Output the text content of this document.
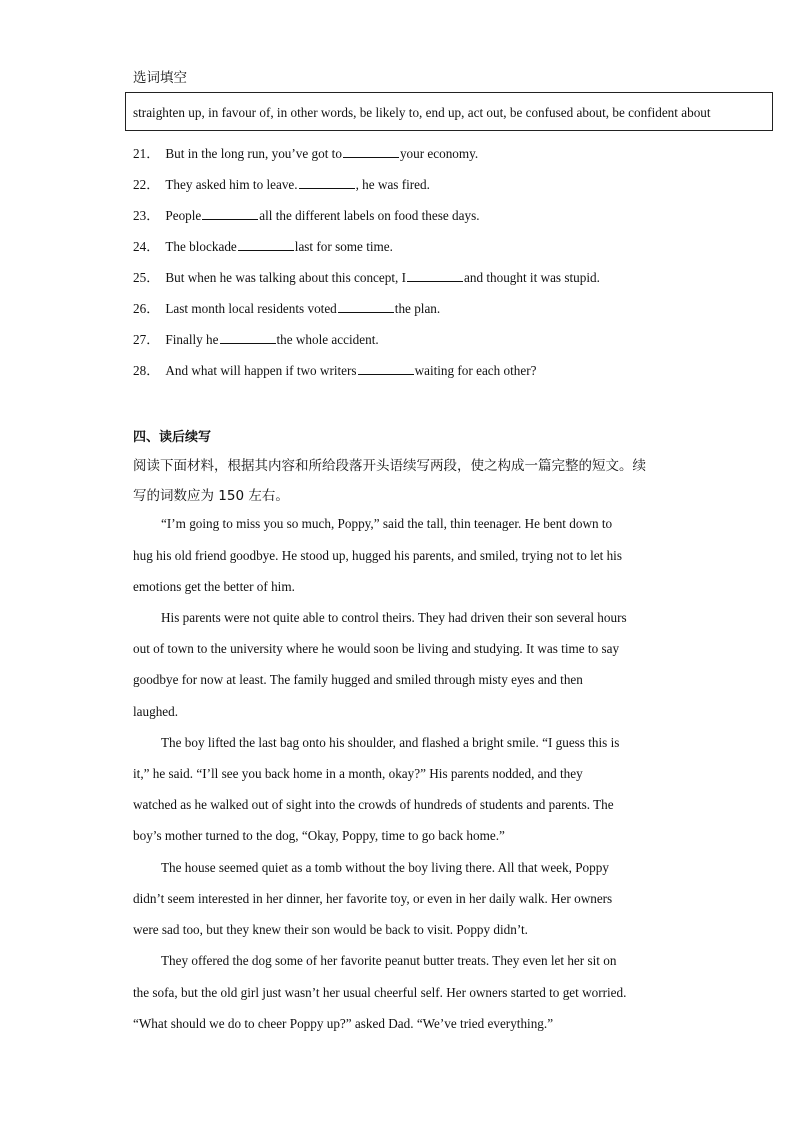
选词填空
straighten up, in favour of, in other words, be likely to, end up, act out, be confused about, be confident about
21． But in the long run, you’ve got to	your economy.
22． They asked him to leave.	, he was fired.
23． People	all the different labels on food these days.
24． The blockade	last for some time.
25． But when he was talking about this concept, I	and thought it was stupid.
26． Last month local residents voted	the plan.
27． Finally he	the whole accident.
28． And what will happen if two writers	waiting for each other?
四、读后续写
阅读下面材料，根据其内容和所给段落开头语续写两段，使之构成一篇完整的短文。续
写的词数应为 150 左右。
“I’m going to miss you so much, Poppy,” said the tall, thin teenager. He bent down to
hug his old friend goodbye. He stood up, hugged his parents, and smiled, trying not to let his
emotions get the better of him.
His parents were not quite able to control theirs. They had driven their son several hours
out of town to the university where he would soon be living and studying. It was time to say
goodbye for now at least. The family hugged and smiled through misty eyes and then
laughed.
The boy lifted the last bag onto his shoulder, and flashed a bright smile. “I guess this is
it,” he said. “I’ll see you back home in a month, okay?” His parents nodded, and they
watched as he walked out of sight into the crowds of hundreds of students and parents. The
boy’s mother turned to the dog, “Okay, Poppy, time to go back home.”
The house seemed quiet as a tomb without the boy living there. All that week, Poppy
didn’t seem interested in her dinner, her favorite toy, or even in her daily walk. Her owners
were sad too, but they knew their son would be back to visit. Poppy didn’t.
They offered the dog some of her favorite peanut butter treats. They even let her sit on
the sofa, but the old girl just wasn’t her usual cheerful self. Her owners started to get worried.
“What should we do to cheer Poppy up?” asked Dad. “We’ve tried everything.”
